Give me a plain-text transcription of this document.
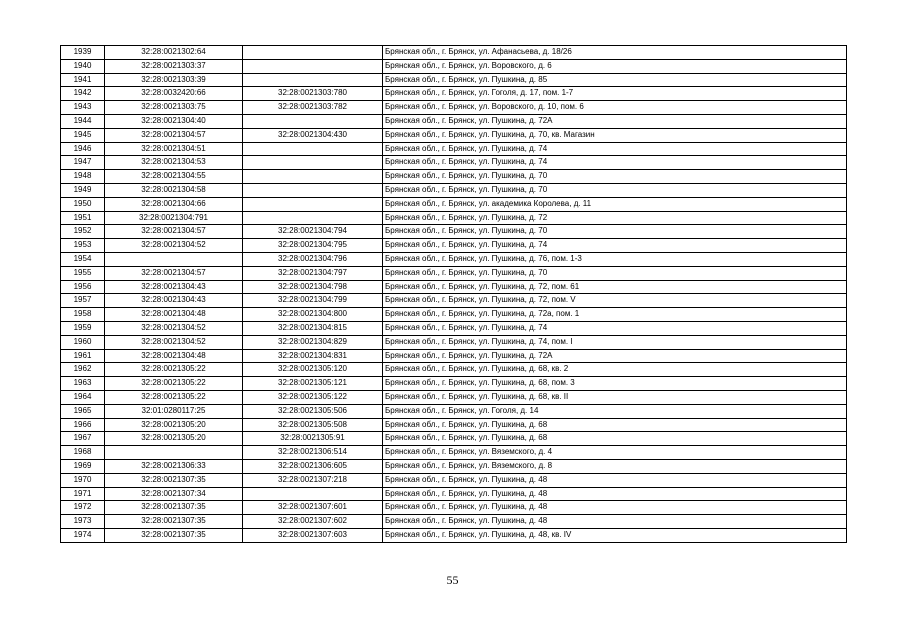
1939	32:28:0021302:64		Брянская обл., г. Брянск, ул. Афанасьева, д. 18/26
1940	32:28:0021303:37		Брянская обл., г. Брянск, ул. Воровского, д. 6
1941	32:28:0021303:39		Брянская обл., г. Брянск, ул. Пушкина, д. 85
1942	32:28:0032420:66	32:28:0021303:780	Брянская обл., г. Брянск, ул. Гоголя, д. 17, пом. 1-7
1943	32:28:0021303:75	32:28:0021303:782	Брянская обл., г. Брянск, ул. Воровского, д. 10, пом. 6
1944	32:28:0021304:40		Брянская обл., г. Брянск, ул. Пушкина, д. 72А
1945	32:28:0021304:57	32:28:0021304:430	Брянская обл., г. Брянск, ул. Пушкина, д. 70, кв. Магазин
1946	32:28:0021304:51		Брянская обл., г. Брянск, ул. Пушкина, д. 74
1947	32:28:0021304:53		Брянская обл., г. Брянск, ул. Пушкина, д. 74
1948	32:28:0021304:55		Брянская обл., г. Брянск, ул. Пушкина, д. 70
1949	32:28:0021304:58		Брянская обл., г. Брянск, ул. Пушкина, д. 70
1950	32:28:0021304:66		Брянская обл., г. Брянск, ул. академика Королева, д. 11
1951	32:28:0021304:791		Брянская обл., г. Брянск, ул. Пушкина, д. 72
1952	32:28:0021304:57	32:28:0021304:794	Брянская обл., г. Брянск, ул. Пушкина, д. 70
1953	32:28:0021304:52	32:28:0021304:795	Брянская обл., г. Брянск, ул. Пушкина, д. 74
1954		32:28:0021304:796	Брянская обл., г. Брянск, ул. Пушкина, д. 76, пом. 1-3
1955	32:28:0021304:57	32:28:0021304:797	Брянская обл., г. Брянск, ул. Пушкина, д. 70
1956	32:28:0021304:43	32:28:0021304:798	Брянская обл., г. Брянск, ул. Пушкина, д. 72, пом. 61
1957	32:28:0021304:43	32:28:0021304:799	Брянская обл., г. Брянск, ул. Пушкина, д. 72, пом. V
1958	32:28:0021304:48	32:28:0021304:800	Брянская обл., г. Брянск, ул. Пушкина, д. 72а, пом. 1
1959	32:28:0021304:52	32:28:0021304:815	Брянская обл., г. Брянск, ул. Пушкина, д. 74
1960	32:28:0021304:52	32:28:0021304:829	Брянская обл., г. Брянск, ул. Пушкина, д. 74, пом. I
1961	32:28:0021304:48	32:28:0021304:831	Брянская обл., г. Брянск, ул. Пушкина, д. 72А
1962	32:28:0021305:22	32:28:0021305:120	Брянская обл., г. Брянск, ул. Пушкина, д. 68, кв. 2
1963	32:28:0021305:22	32:28:0021305:121	Брянская обл., г. Брянск, ул. Пушкина, д. 68, пом. 3
1964	32:28:0021305:22	32:28:0021305:122	Брянская обл., г. Брянск, ул. Пушкина, д. 68, кв. II
1965	32:01:0280117:25	32:28:0021305:506	Брянская обл., г. Брянск, ул. Гоголя, д. 14
1966	32:28:0021305:20	32:28:0021305:508	Брянская обл., г. Брянск, ул. Пушкина, д. 68
1967	32:28:0021305:20	32:28:0021305:91	Брянская обл., г. Брянск, ул. Пушкина, д. 68
1968		32:28:0021306:514	Брянская обл., г. Брянск, ул. Вяземского, д. 4
1969	32:28:0021306:33	32:28:0021306:605	Брянская обл., г. Брянск, ул. Вяземского, д. 8
1970	32:28:0021307:35	32:28:0021307:218	Брянская обл., г. Брянск, ул. Пушкина, д. 48
1971	32:28:0021307:34		Брянская обл., г. Брянск, ул. Пушкина, д. 48
1972	32:28:0021307:35	32:28:0021307:601	Брянская обл., г. Брянск, ул. Пушкина, д. 48
1973	32:28:0021307:35	32:28:0021307:602	Брянская обл., г. Брянск, ул. Пушкина, д. 48
1974	32:28:0021307:35	32:28:0021307:603	Брянская обл., г. Брянск, ул. Пушкина, д. 48, кв. IV
55
